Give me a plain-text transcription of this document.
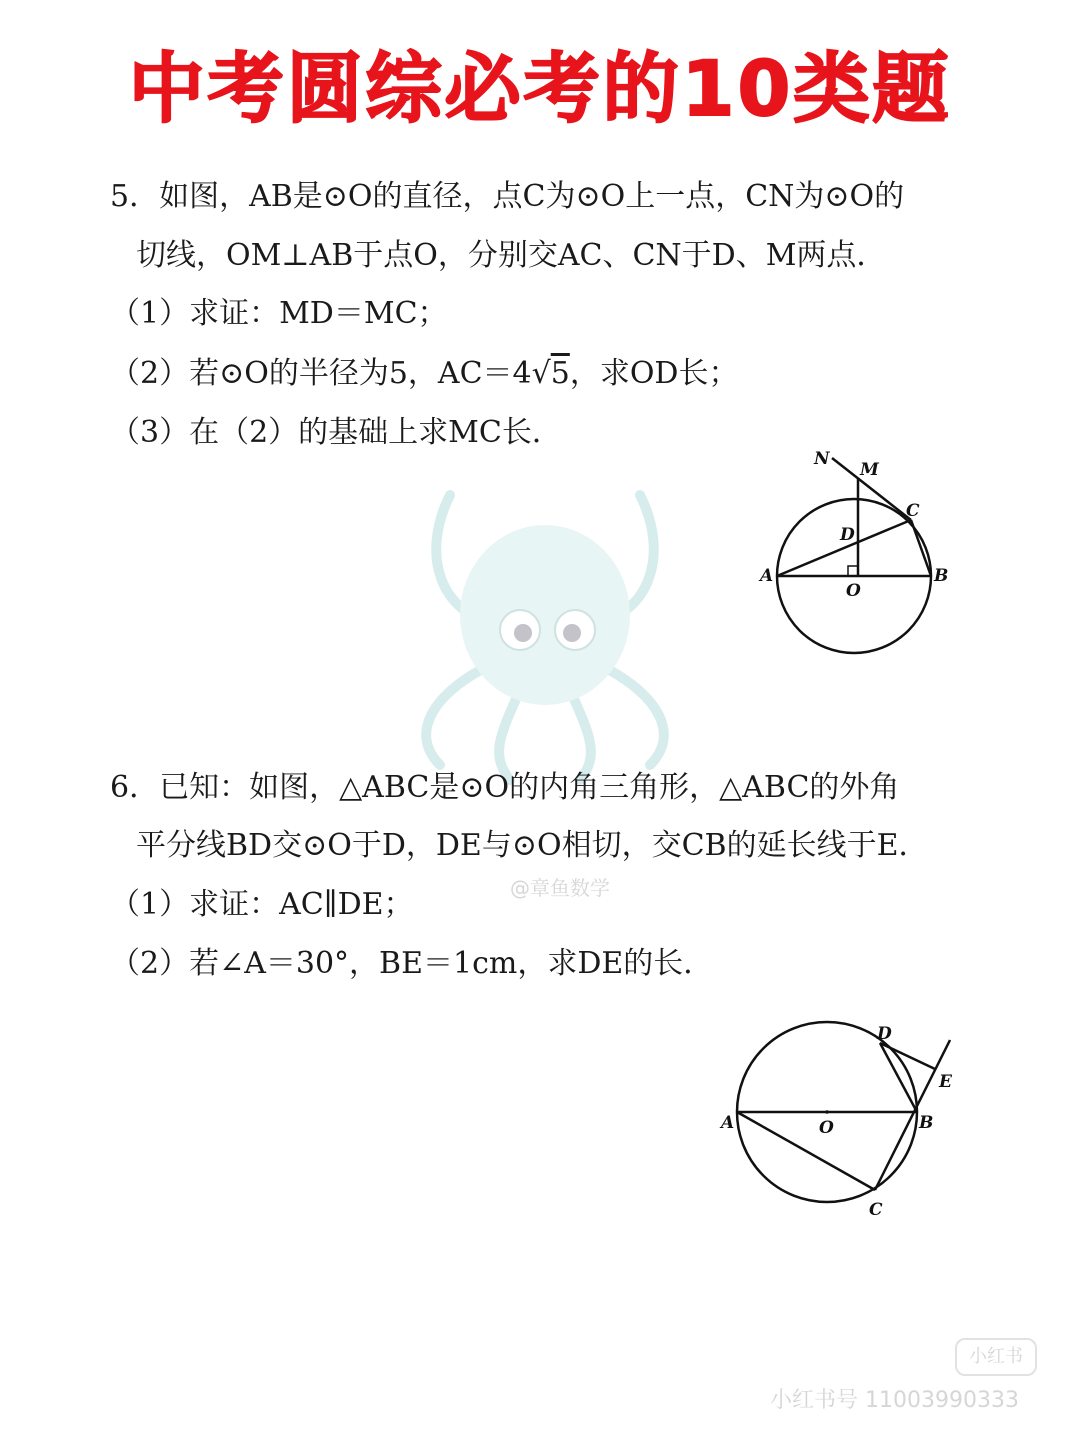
中考圆综必考的10类题
5．如图，AB是⊙O的直径，点C为⊙O上一点，CN为⊙O的
切线，OM⊥AB于点O，分别交AC、CN于D、M两点．
（1）求证：MD＝MC；
（2）若⊙O的半径为5，AC＝4√5，求OD长；
（3）在（2）的基础上求MC长．
N
M
C
D
A
O
B
6．已知：如图，△ABC是⊙O的内角三角形，△ABC的外角
平分线BD交⊙O于D，DE与⊙O相切，交CB的延长线于E．
（1）求证：AC∥DE；
（2）若∠A＝30°，BE＝1cm，求DE的长．
@章鱼数学
D
E
A	O	B
C
小红书
小红书号 11003990333
